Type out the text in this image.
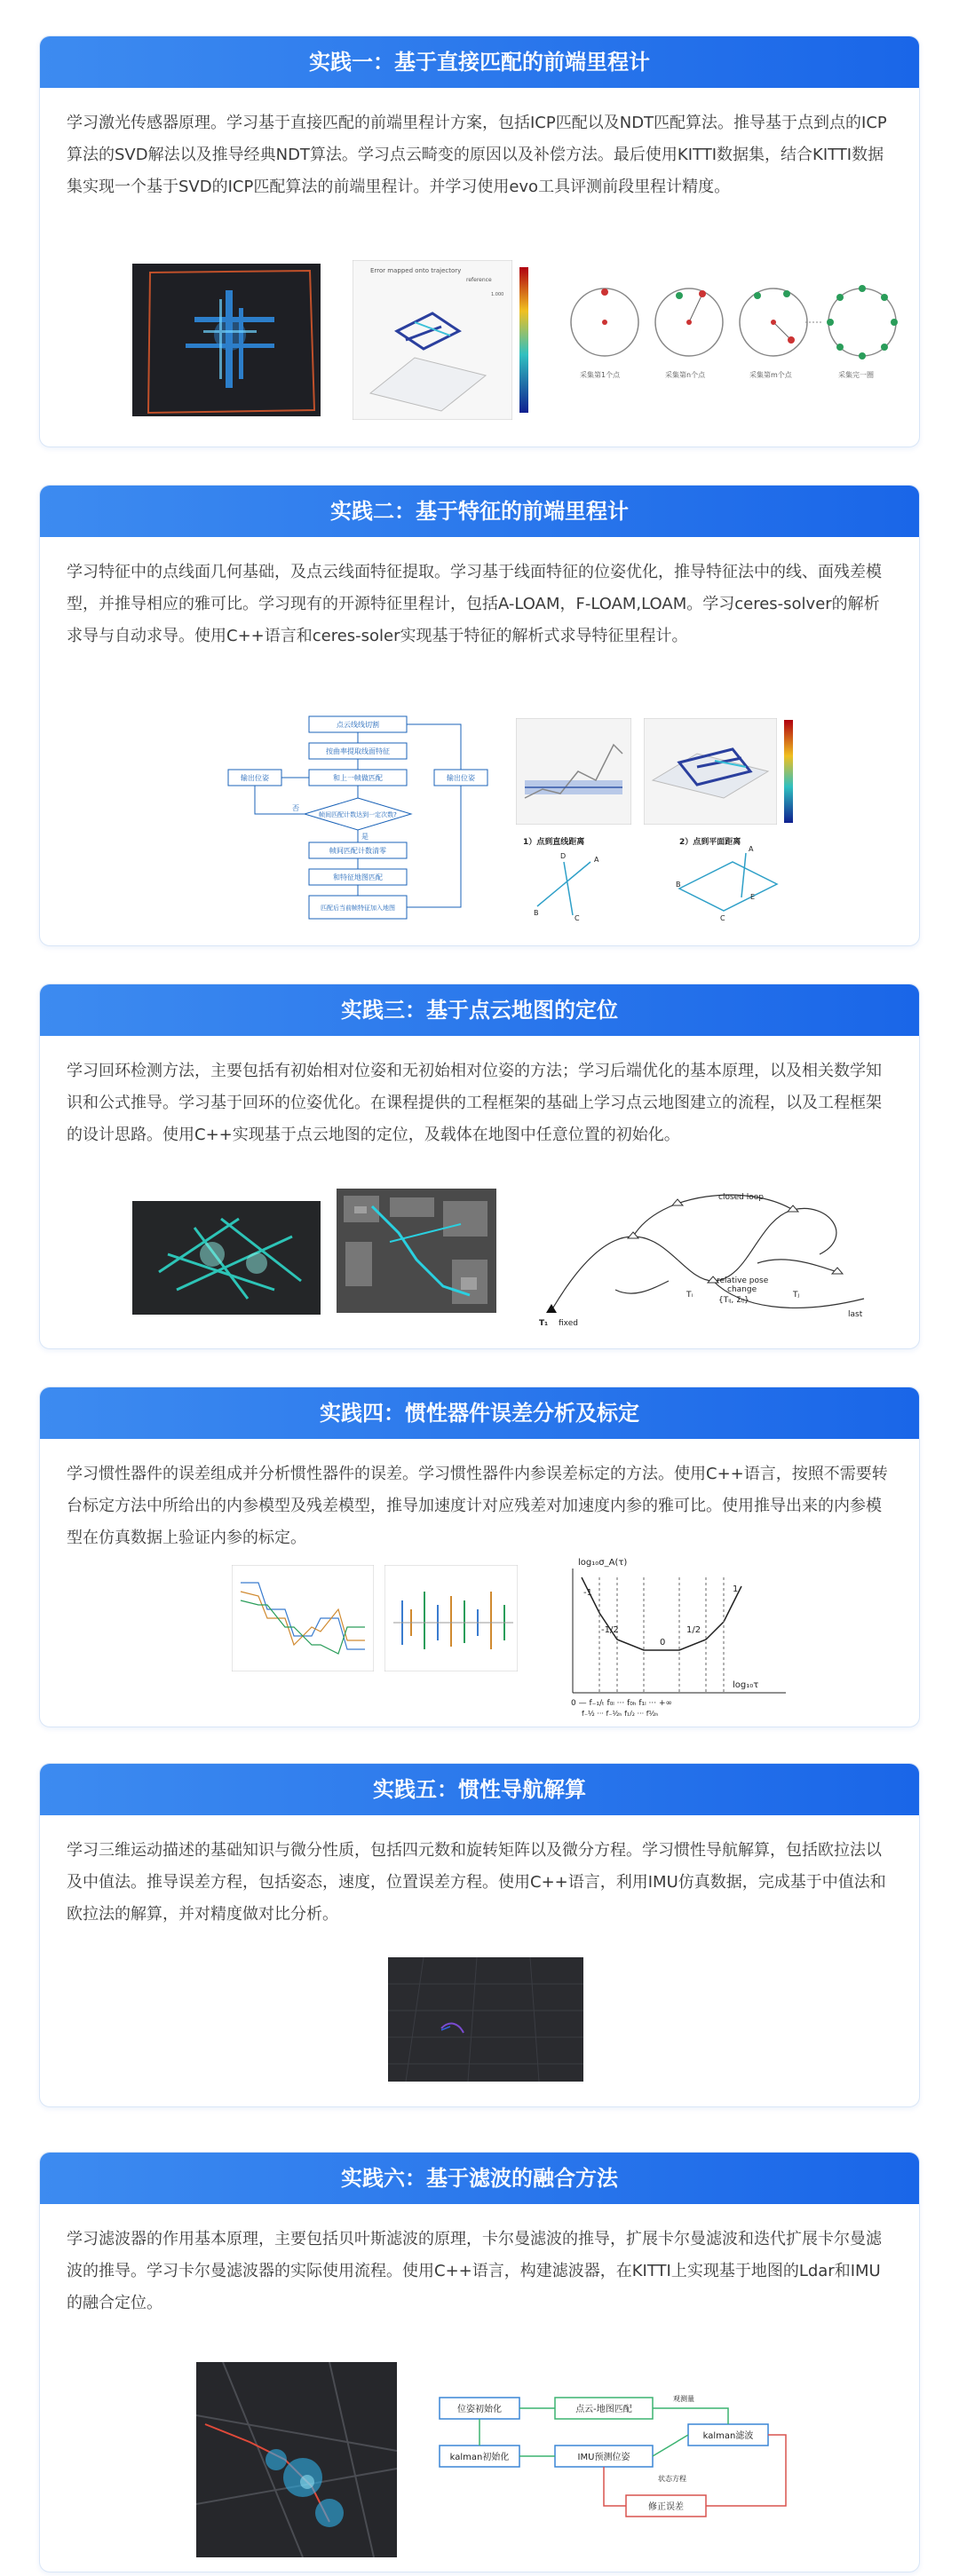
实践一：基于直接匹配的前端里程计

学习激光传感器原理。学习基于直接匹配的前端里程计方案，包括ICP匹配以及NDT匹配算法。推导基于点到点的ICP算法的SVD解法以及推导经典NDT算法。学习点云畸变的原因以及补偿方法。最后使用KITTI数据集，结合KITTI数据集实现一个基于SVD的ICP匹配算法的前端里程计。并学习使用evo工具评测前段里程计精度。

Error mapped onto trajectory
reference
1.000
采集第1个点	采集第n个点	采集第m个点	采集完一圈
实践二：基于特征的前端里程计

学习特征中的点线面几何基础，及点云线面特征提取。学习基于线面特征的位姿优化，推导特征法中的线、面残差模型，并推导相应的雅可比。学习现有的开源特征里程计，包括A-LOAM，F-LOAM,LOAM。学习ceres-solver的解析求导与自动求导。使用C++语言和ceres-soler实现基于特征的解析式求导特征里程计。

点云线线切割
按曲率提取线面特征
和上一帧做匹配
帧间匹配计数达到一定次数?
帧间匹配计数清零
和特征地图匹配
匹配后当前帧特征加入地图
输出位姿	输出位姿
否
是
1）点到直线距离	2）点到平面距离
D	A
B
C
A
E
B
C
实践三：基于点云地图的定位

学习回环检测方法，主要包括有初始相对位姿和无初始相对位姿的方法；学习后端优化的基本原理，以及相关数学知识和公式推导。学习基于回环的位姿优化。在课程提供的工程框架的基础上学习点云地图建立的流程，以及工程框架的设计思路。使用C++实现基于点云地图的定位，及载体在地图中任意位置的初始化。

closed loop
T₁ fixed
Tᵢ	Tⱼ
relative pose
change
{Tᵢⱼ, Σᵢⱼ}
last
实践四：惯性器件误差分析及标定

学习惯性器件的误差组成并分析惯性器件的误差。学习惯性器件内参误差标定的方法。使用C++语言，按照不需要转台标定方法中所给出的内参模型及残差模型，推导加速度计对应残差对加速度内参的雅可比。使用推导出来的内参模型在仿真数据上验证内参的标定。

log₁₀σ_A(τ)
log₁₀τ
-1
-1/2
0
1/2
1
0 — f₋₁/ₜ f₀ₗ ··· f₀ₕ f₁ₗ ··· +∞
f₋½ ··· f₋½ₕ f₁/₂ ··· f½ₕ
实践五：惯性导航解算

学习三维运动描述的基础知识与微分性质，包括四元数和旋转矩阵以及微分方程。学习惯性导航解算，包括欧拉法以及中值法。推导误差方程，包括姿态，速度，位置误差方程。使用C++语言，利用IMU仿真数据，完成基于中值法和欧拉法的解算，并对精度做对比分析。

实践六：基于滤波的融合方法

学习滤波器的作用基本原理，主要包括贝叶斯滤波的原理，卡尔曼滤波的推导，扩展卡尔曼滤波和迭代扩展卡尔曼滤波的推导。学习卡尔曼滤波器的实际使用流程。使用C++语言，构建滤波器，在KITTI上实现基于地图的Ldar和IMU的融合定位。

位姿初始化
kalman初始化
点云-地图匹配
IMU预测位姿
kalman滤波
修正误差
观测量
状态方程
